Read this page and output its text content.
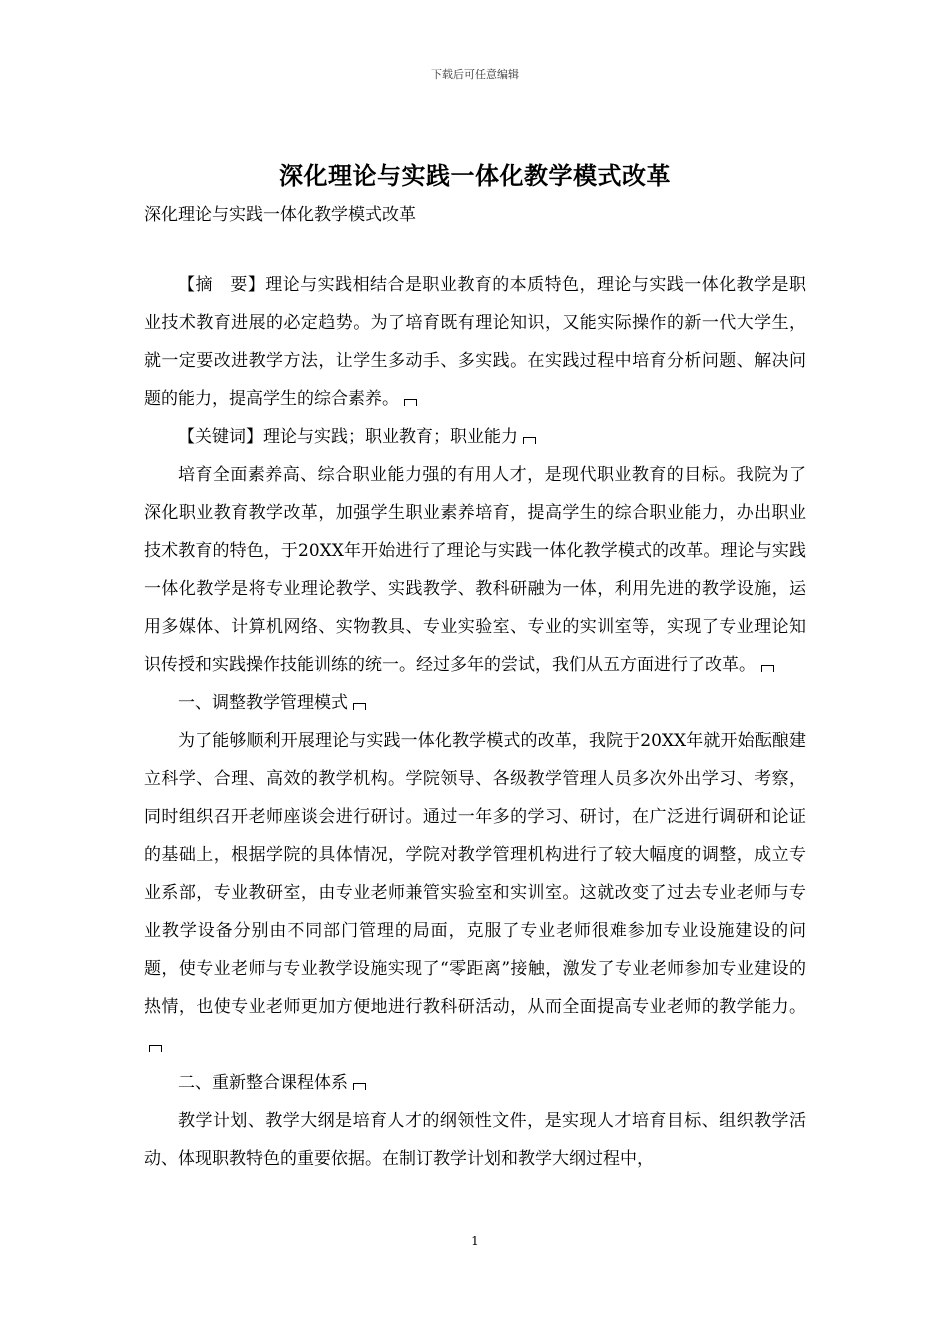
下载后可任意编辑
深化理论与实践一体化教学模式改革
深化理论与实践一体化教学模式改革

【摘　要】理论与实践相结合是职业教育的本质特色，理论与实践一体化教学是职业技术教育进展的必定趋势。为了培育既有理论知识，又能实际操作的新一代大学生，就一定要改进教学方法，让学生多动手、多实践。在实践过程中培育分析问题、解决问题的能力，提高学生的综合素养。

【关键词】理论与实践；职业教育；职业能力

培育全面素养高、综合职业能力强的有用人才，是现代职业教育的目标。我院为了深化职业教育教学改革，加强学生职业素养培育，提高学生的综合职业能力，办出职业技术教育的特色，于20XX年开始进行了理论与实践一体化教学模式的改革。理论与实践一体化教学是将专业理论教学、实践教学、教科研融为一体，利用先进的教学设施，运用多媒体、计算机网络、实物教具、专业实验室、专业的实训室等，实现了专业理论知识传授和实践操作技能训练的统一。经过多年的尝试，我们从五方面进行了改革。

一、调整教学管理模式

为了能够顺利开展理论与实践一体化教学模式的改革，我院于20XX年就开始酝酿建立科学、合理、高效的教学机构。学院领导、各级教学管理人员多次外出学习、考察，同时组织召开老师座谈会进行研讨。通过一年多的学习、研讨，在广泛进行调研和论证的基础上，根据学院的具体情况，学院对教学管理机构进行了较大幅度的调整，成立专业系部，专业教研室，由专业老师兼管实验室和实训室。这就改变了过去专业老师与专业教学设备分别由不同部门管理的局面，克服了专业老师很难参加专业设施建设的问题，使专业老师与专业教学设施实现了“零距离”接触，激发了专业老师参加专业建设的热情，也使专业老师更加方便地进行教科研活动，从而全面提高专业老师的教学能力。

二、重新整合课程体系

教学计划、教学大纲是培育人才的纲领性文件，是实现人才培育目标、组织教学活动、体现职教特色的重要依据。在制订教学计划和教学大纲过程中，

1
